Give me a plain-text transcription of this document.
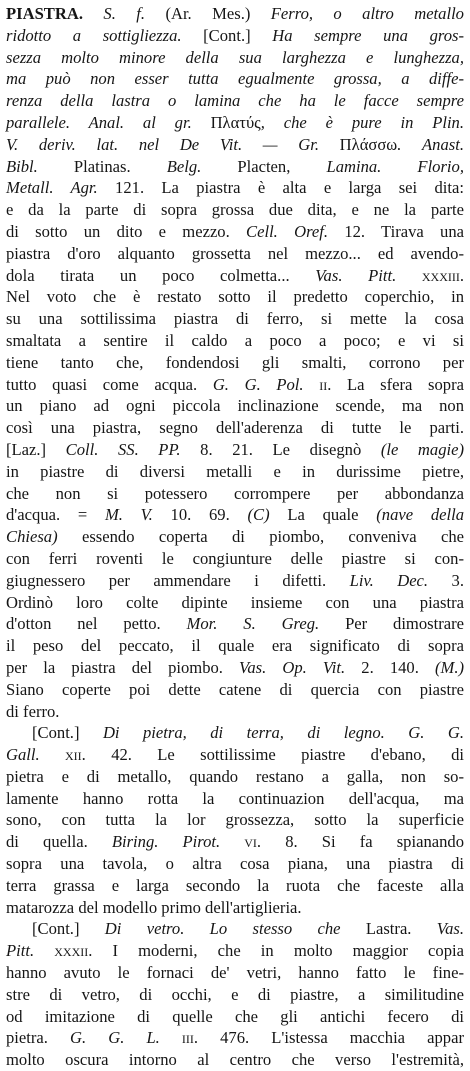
PIASTRA. S. f. (Ar. Mes.) Ferro, o altro metallo
ridotto a sottigliezza. [Cont.] Ha sempre una gros-
sezza molto minore della sua larghezza e lunghezza,
ma può non esser tutta egualmente grossa, a diffe-
renza della lastra o lamina che ha le facce sempre
parallele. Anal. al gr. Πλατύς, che è pure in Plin.
V. deriv. lat. nel De Vit. — Gr. Πλάσσω. Anast.
Bibl. Platinas. Belg. Placten, Lamina. Florio,
Metall. Agr. 121. La piastra è alta e larga sei dita:
e da la parte di sopra grossa due dita, e ne la parte
di sotto un dito e mezzo. Cell. Oref. 12. Tirava una
piastra d'oro alquanto grossetta nel mezzo... ed avendo-
dola tirata un poco colmetta... Vas. Pitt. xxxiii.
Nel voto che è restato sotto il predetto coperchio, in
su una sottilissima piastra di ferro, si mette la cosa
smaltata a sentire il caldo a poco a poco; e vi si
tiene tanto che, fondendosi gli smalti, corrono per
tutto quasi come acqua. G. G. Pol. ii. La sfera sopra
un piano ad ogni piccola inclinazione scende, ma non
così una piastra, segno dell'aderenza di tutte le parti.
[Laz.] Coll. SS. PP. 8. 21. Le disegnò (le magie)
in piastre di diversi metalli e in durissime pietre,
che non si potessero corrompere per abbondanza
d'acqua. = M. V. 10. 69. (C) La quale (nave della
Chiesa) essendo coperta di piombo, conveniva che
con ferri roventi le congiunture delle piastre si con-
giugnessero per ammendare i difetti. Liv. Dec. 3.
Ordinò loro colte dipinte insieme con una piastra
d'otton nel petto. Mor. S. Greg. Per dimostrare
il peso del peccato, il quale era significato di sopra
per la piastra del piombo. Vas. Op. Vit. 2. 140. (M.)
Siano coperte poi dette catene di quercia con piastre
di ferro.
[Cont.] Di pietra, di terra, di legno. G. G.
Gall. xii. 42. Le sottilissime piastre d'ebano, di
pietra e di metallo, quando restano a galla, non so-
lamente hanno rotta la continuazion dell'acqua, ma
sono, con tutta la lor grossezza, sotto la superficie
di quella. Biring. Pirot. vi. 8. Si fa spianando
sopra una tavola, o altra cosa piana, una piastra di
terra grassa e larga secondo la ruota che faceste alla
matarozza del modello primo dell'artiglieria.
[Cont.] Di vetro. Lo stesso che Lastra. Vas.
Pitt. xxxii. I moderni, che in molto maggior copia
hanno avuto le fornaci de' vetri, hanno fatto le fine-
stre di vetro, di occhi, e di piastre, a similitudine
od imitazione di quelle che gli antichi fecero di
pietra. G. G. L. iii. 476. L'istessa macchia appar
molto oscura intorno al centro che verso l'estremità,
